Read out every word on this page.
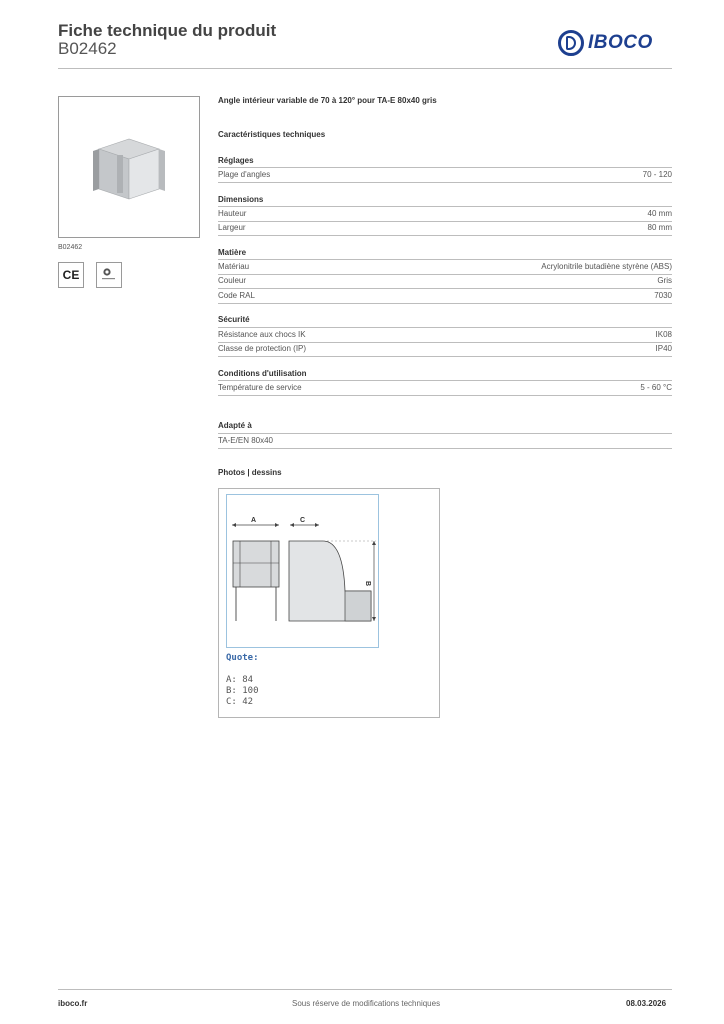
Fiche technique du produit
B02462	IBOCO
B02462
CE
Angle intérieur variable de 70 à 120° pour TA-E 80x40 gris
Caractéristiques techniques
Réglages
Plage d'angles	70 - 120
Dimensions
Hauteur	40 mm
Largeur	80 mm
Matière
Matériau	Acrylonitrile butadiène styrène (ABS)
Couleur	Gris
Code RAL	7030
Sécurité
Résistance aux chocs IK	IK08
Classe de protection (IP)	IP40
Conditions d'utilisation
Température de service	5 - 60 °C
Adapté à
TA-E/EN 80x40
Photos | dessins
A	C
B
Quote:
A: 84
B: 100
C: 42
iboco.fr	Sous réserve de modifications techniques	08.03.2026
